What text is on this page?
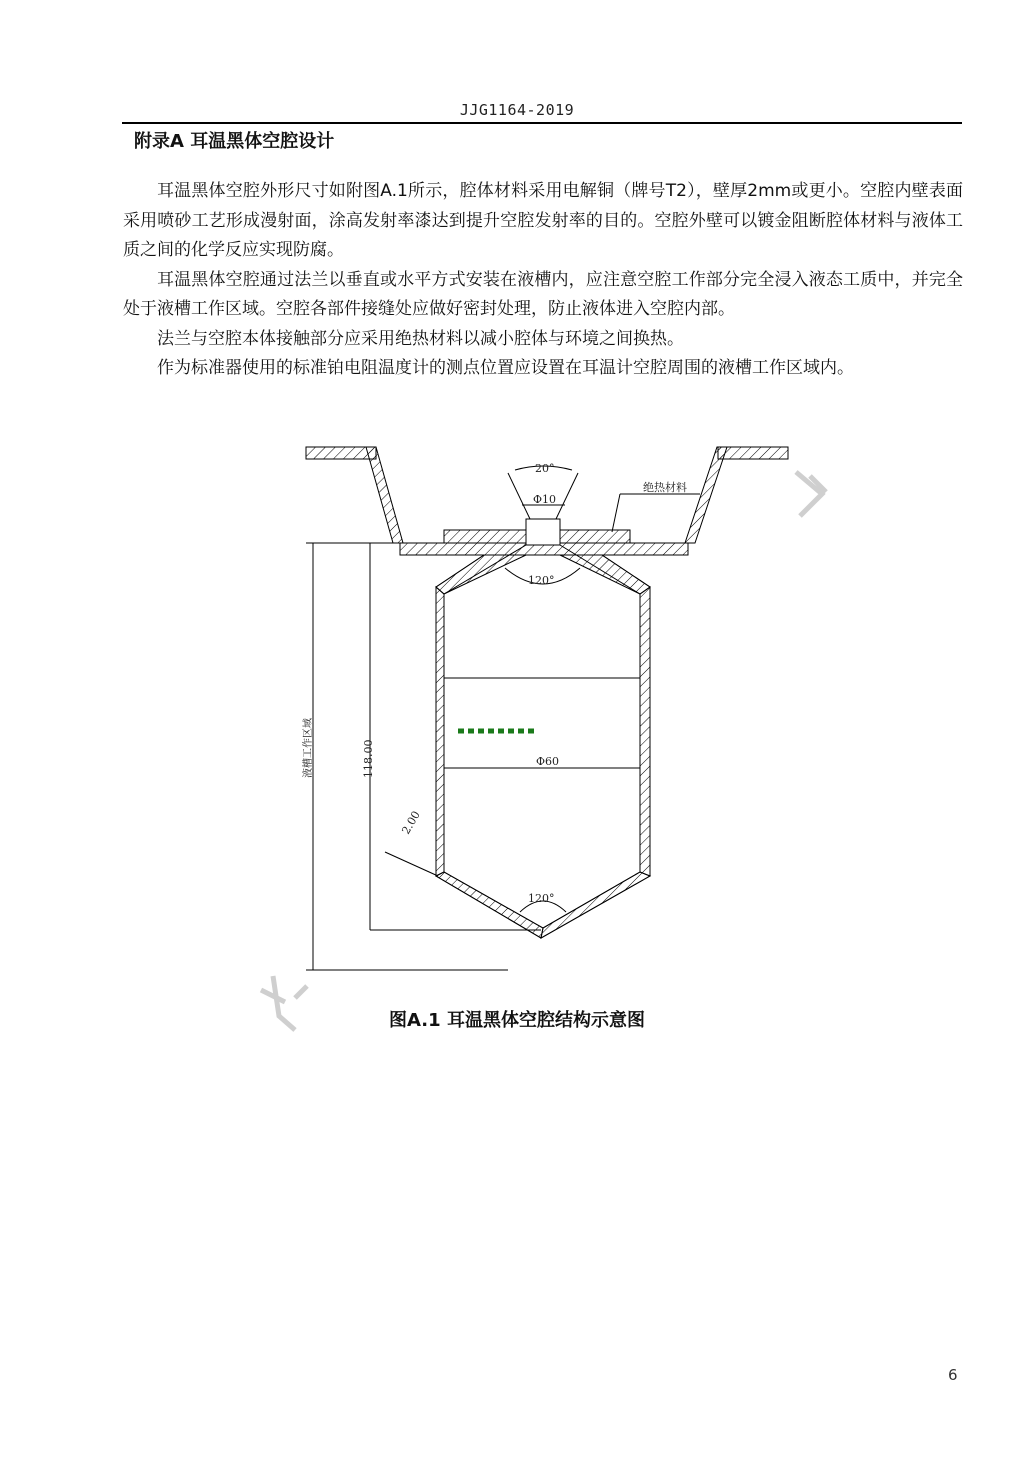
JJG1164-2019
附录A 耳温黑体空腔设计

耳温黑体空腔外形尺寸如附图A.1所示，腔体材料采用电解铜（牌号T2），壁厚2mm或更小。空腔内壁表面采用喷砂工艺形成漫射面，涂高发射率漆达到提升空腔发射率的目的。空腔外壁可以镀金阻断腔体材料与液体工质之间的化学反应实现防腐。

耳温黑体空腔通过法兰以垂直或水平方式安装在液槽内，应注意空腔工作部分完全浸入液态工质中，并完全处于液槽工作区域。空腔各部件接缝处应做好密封处理，防止液体进入空腔内部。

法兰与空腔本体接触部分应采用绝热材料以减小腔体与环境之间换热。

作为标准器使用的标准铂电阻温度计的测点位置应设置在耳温计空腔周围的液槽工作区域内。

20°
Φ10
绝热材料
120°
Φ60
120°
118.00
2.00
液槽工作区域
图A.1 耳温黑体空腔结构示意图
6
